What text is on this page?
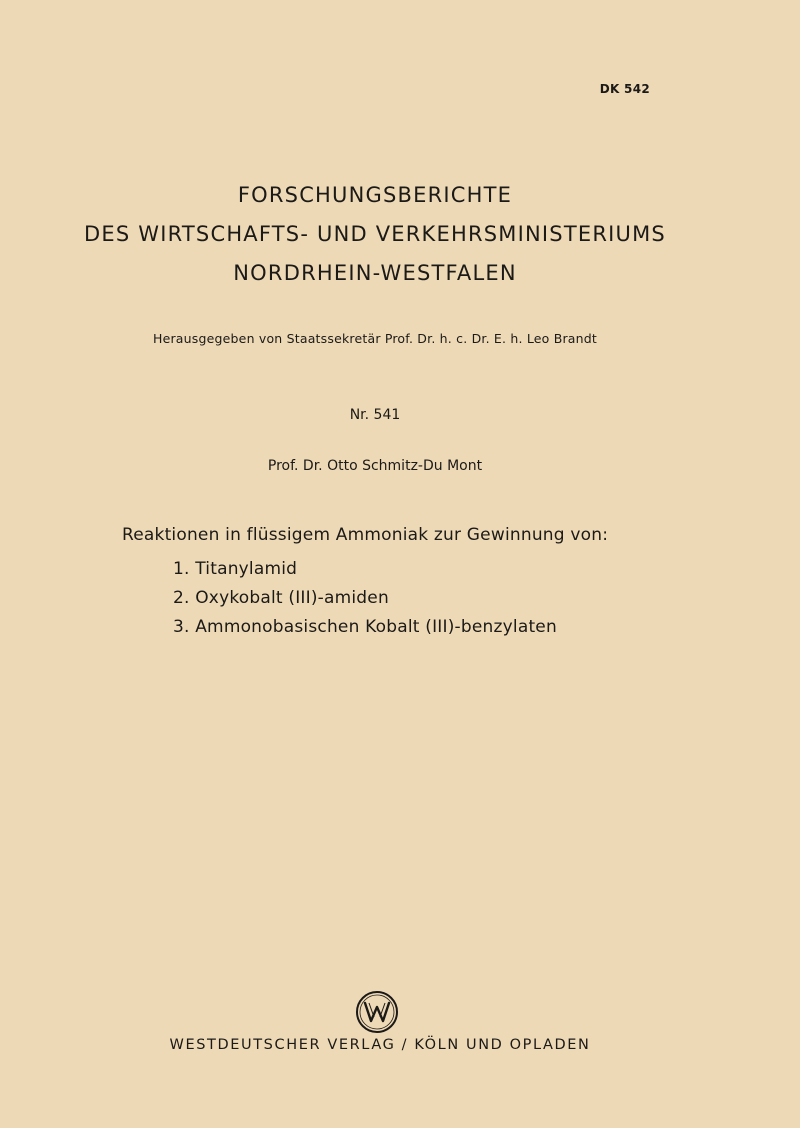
DK 542
FORSCHUNGSBERICHTE
DES WIRTSCHAFTS- UND VERKEHRSMINISTERIUMS
NORDRHEIN-WESTFALEN
Herausgegeben von Staatssekretär Prof. Dr. h. c. Dr. E. h. Leo Brandt
Nr. 541
Prof. Dr. Otto Schmitz-Du Mont
Reaktionen in flüssigem Ammoniak zur Gewinnung von:
1. Titanylamid
2. Oxykobalt (III)-amiden
3. Ammonobasischen Kobalt (III)-benzylaten
WESTDEUTSCHER VERLAG / KÖLN UND OPLADEN
